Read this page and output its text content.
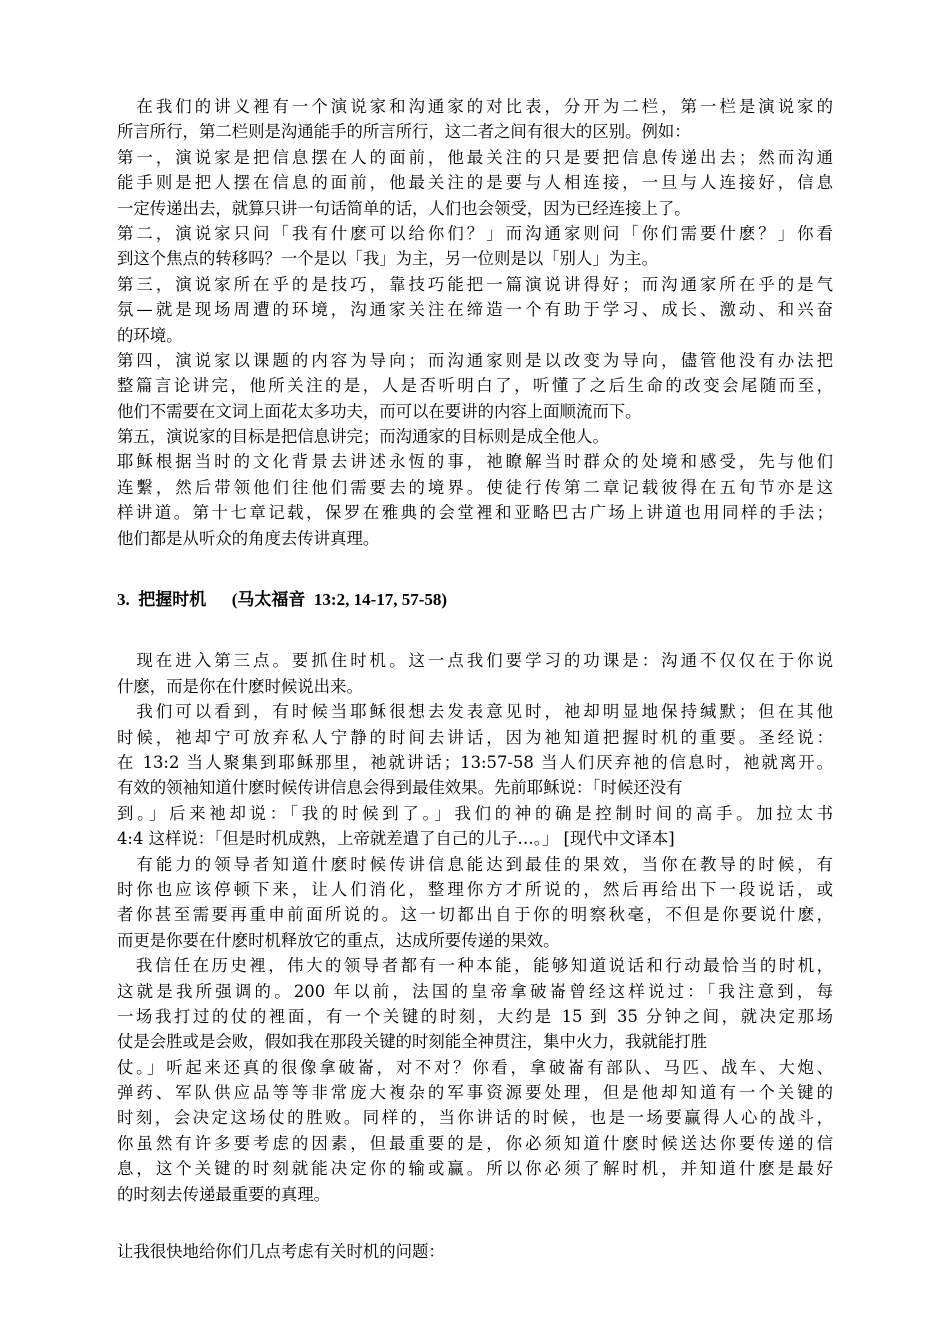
　在我们的讲义裡有一个演说家和沟通家的对比表，分开为二栏，第一栏是演说家的
所言所行，第二栏则是沟通能手的所言所行，这二者之间有很大的区别。例如：
第一，演说家是把信息摆在人的面前，他最关注的只是要把信息传递出去；然而沟通
能手则是把人摆在信息的面前，他最关注的是要与人相连接，一旦与人连接好，信息
一定传递出去，就算只讲一句话简单的话，人们也会领受，因为已经连接上了。
第二，演说家只问「我有什麽可以给你们？」而沟通家则问「你们需要什麽？」你看
到这个焦点的转移吗？一个是以「我」为主，另一位则是以「别人」为主。
第三，演说家所在乎的是技巧，靠技巧能把一篇演说讲得好；而沟通家所在乎的是气
氛—就是现场周遭的环境，沟通家关注在缔造一个有助于学习、成长、激动、和兴奋
的环境。
第四，演说家以课题的内容为导向；而沟通家则是以改变为导向，儘管他没有办法把
整篇言论讲完，他所关注的是，人是否听明白了，听懂了之后生命的改变会尾随而至，
他们不需要在文词上面花太多功夫，而可以在要讲的内容上面顺流而下。
第五，演说家的目标是把信息讲完；而沟通家的目标则是成全他人。
耶稣根据当时的文化背景去讲述永恆的事，祂瞭解当时群众的处境和感受，先与他们
连繫，然后带领他们往他们需要去的境界。使徒行传第二章记载彼得在五旬节亦是这
样讲道。第十七章记载，保罗在雅典的会堂裡和亚略巴古广场上讲道也用同样的手法；
他们都是从听众的角度去传讲真理。
3.  把握时机      (马太福音  13:2, 14-17, 57-58)
　现在进入第三点。要抓住时机。这一点我们要学习的功课是：沟通不仅仅在于你说
什麽，而是你在什麽时候说出来。
　我们可以看到，有时候当耶稣很想去发表意见时，祂却明显地保持缄默；但在其他
时候，祂却宁可放弃私人宁静的时间去讲话，因为祂知道把握时机的重要。圣经说：
在 13:2 当人聚集到耶稣那里，祂就讲话；13:57-58 当人们厌弃祂的信息时，祂就离开。
有效的领袖知道什麽时候传讲信息会得到最佳效果。先前耶稣说：「时候还没有
到。」后来祂却说：「我的时候到了。」我们的神的确是控制时间的高手。加拉太书
4:4 这样说：「但是时机成熟，上帝就差遣了自己的儿子…。」 [现代中文译本]
　有能力的领导者知道什麽时候传讲信息能达到最佳的果效，当你在教导的时候，有
时你也应该停顿下来，让人们消化，整理你方才所说的，然后再给出下一段说话，或
者你甚至需要再重申前面所说的。这一切都出自于你的明察秋毫，不但是你要说什麽，
而更是你要在什麽时机释放它的重点，达成所要传递的果效。
　我信任在历史裡，伟大的领导者都有一种本能，能够知道说话和行动最恰当的时机，
这就是我所强调的。200 年以前，法国的皇帝拿破崙曾经这样说过：「我注意到，每
一场我打过的仗的裡面，有一个关键的时刻，大约是 15 到 35 分钟之间，就决定那场
仗是会胜或是会败，假如我在那段关键的时刻能全神贯注，集中火力，我就能打胜
仗。」听起来还真的很像拿破崙，对不对？你看，拿破崙有部队、马匹、战车、大炮、
弹药、军队供应品等等非常庞大複杂的军事资源要处理，但是他却知道有一个关键的
时刻，会决定这场仗的胜败。同样的，当你讲话的时候，也是一场要赢得人心的战斗，
你虽然有许多要考虑的因素，但最重要的是，你必须知道什麽时候送达你要传递的信
息，这个关键的时刻就能决定你的输或赢。所以你必须了解时机，并知道什麽是最好
的时刻去传递最重要的真理。
让我很快地给你们几点考虑有关时机的问题：
